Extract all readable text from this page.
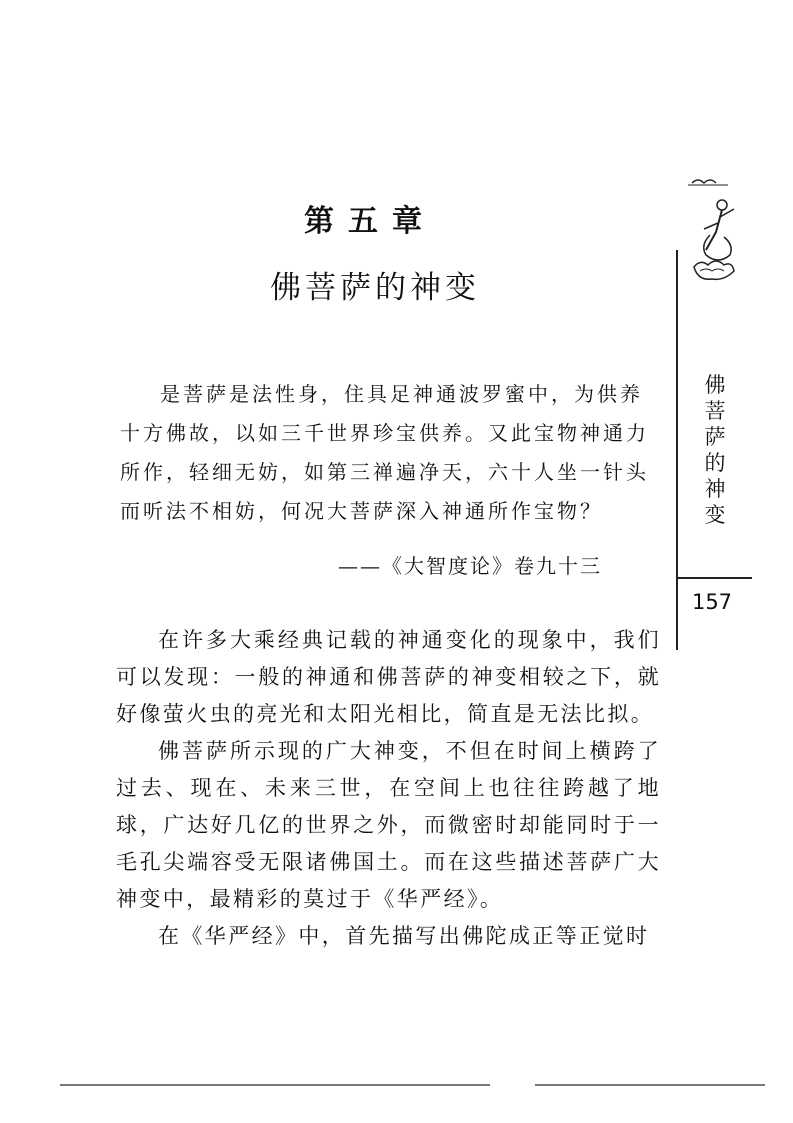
第五章
佛菩萨的神变

是菩萨是法性身，住具足神通波罗蜜中，为供养十方佛故，以如三千世界珍宝供养。又此宝物神通力所作，轻细无妨，如第三禅遍净天，六十人坐一针头而听法不相妨，何况大菩萨深入神通所作宝物？

——《大智度论》卷九十三

在许多大乘经典记载的神通变化的现象中，我们可以发现：一般的神通和佛菩萨的神变相较之下，就好像萤火虫的亮光和太阳光相比，简直是无法比拟。

佛菩萨所示现的广大神变，不但在时间上横跨了过去、现在、未来三世，在空间上也往往跨越了地球，广达好几亿的世界之外，而微密时却能同时于一毛孔尖端容受无限诸佛国土。而在这些描述菩萨广大神变中，最精彩的莫过于《华严经》。

在《华严经》中，首先描写出佛陀成正等正觉时

佛
菩
萨
的
神
变
157
